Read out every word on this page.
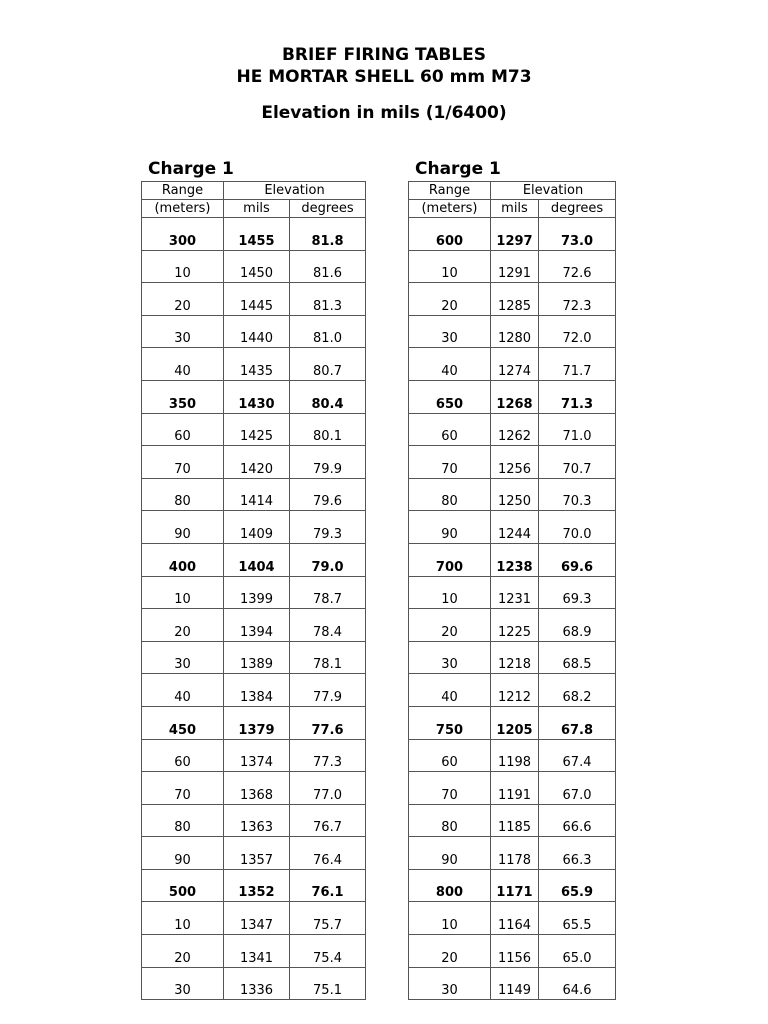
BRIEF FIRING TABLES
HE MORTAR SHELL 60 mm M73
Elevation in mils (1/6400)
Charge 1	Charge 1
Range	Elevation	
(meters)	mils	degrees
300	1455	81.8
10	1450	81.6
20	1445	81.3
30	1440	81.0
40	1435	80.7
350	1430	80.4
60	1425	80.1
70	1420	79.9
80	1414	79.6
90	1409	79.3
400	1404	79.0
10	1399	78.7
20	1394	78.4
30	1389	78.1
40	1384	77.9
450	1379	77.6
60	1374	77.3
70	1368	77.0
80	1363	76.7
90	1357	76.4
500	1352	76.1
10	1347	75.7
20	1341	75.4
30	1336	75.1
Range	Elevation	
(meters)	mils	degrees
600	1297	73.0
10	1291	72.6
20	1285	72.3
30	1280	72.0
40	1274	71.7
650	1268	71.3
60	1262	71.0
70	1256	70.7
80	1250	70.3
90	1244	70.0
700	1238	69.6
10	1231	69.3
20	1225	68.9
30	1218	68.5
40	1212	68.2
750	1205	67.8
60	1198	67.4
70	1191	67.0
80	1185	66.6
90	1178	66.3
800	1171	65.9
10	1164	65.5
20	1156	65.0
30	1149	64.6
